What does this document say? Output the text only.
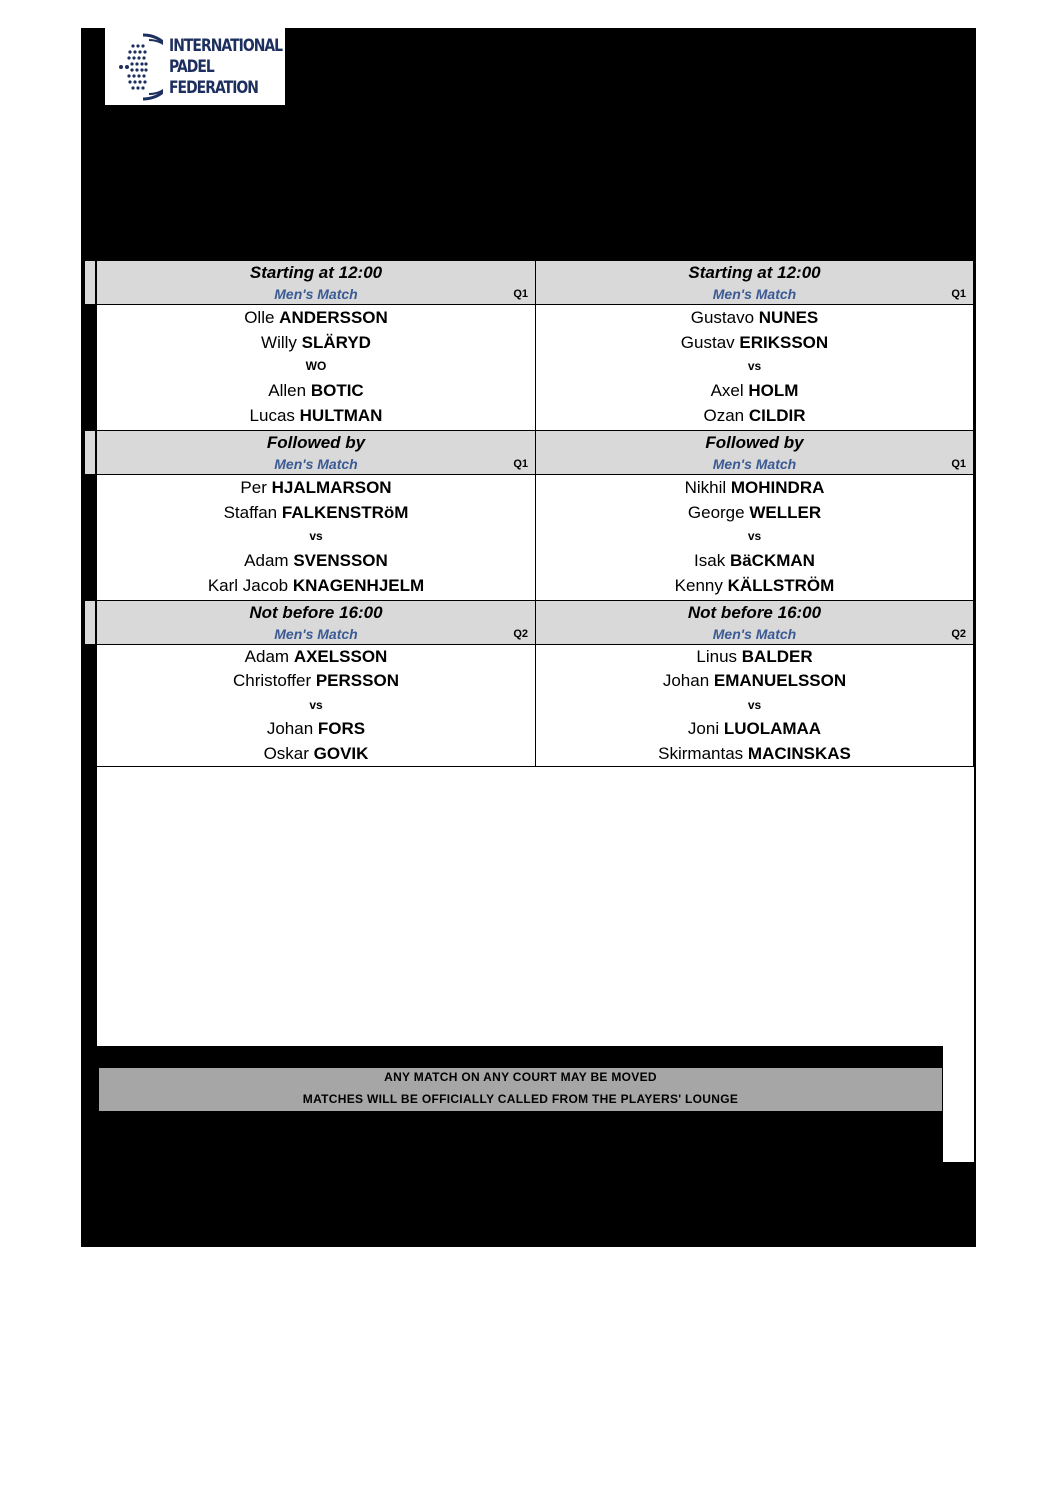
INTERNATIONAL
PADEL
FEDERATION
Starting at 12:00
Men's Match	Q1
Starting at 12:00
Men's Match	Q1
Olle ANDERSSON
Willy SLÄRYD
WO
Allen BOTIC
Lucas HULTMAN
Gustavo NUNES
Gustav ERIKSSON
vs
Axel HOLM
Ozan CILDIR
Followed by
Men's Match	Q1
Followed by
Men's Match	Q1
Per HJALMARSON
Staffan FALKENSTRöM
vs
Adam SVENSSON
Karl Jacob KNAGENHJELM
Nikhil MOHINDRA
George WELLER
vs
Isak BäCKMAN
Kenny KÄLLSTRÖM
Not before 16:00
Men's Match	Q2
Not before 16:00
Men's Match	Q2
Adam AXELSSON
Christoffer PERSSON
vs
Johan FORS
Oskar GOVIK
Linus BALDER
Johan EMANUELSSON
vs
Joni LUOLAMAA
Skirmantas MACINSKAS
ANY MATCH ON ANY COURT MAY BE MOVED
MATCHES WILL BE OFFICIALLY CALLED FROM THE PLAYERS' LOUNGE
